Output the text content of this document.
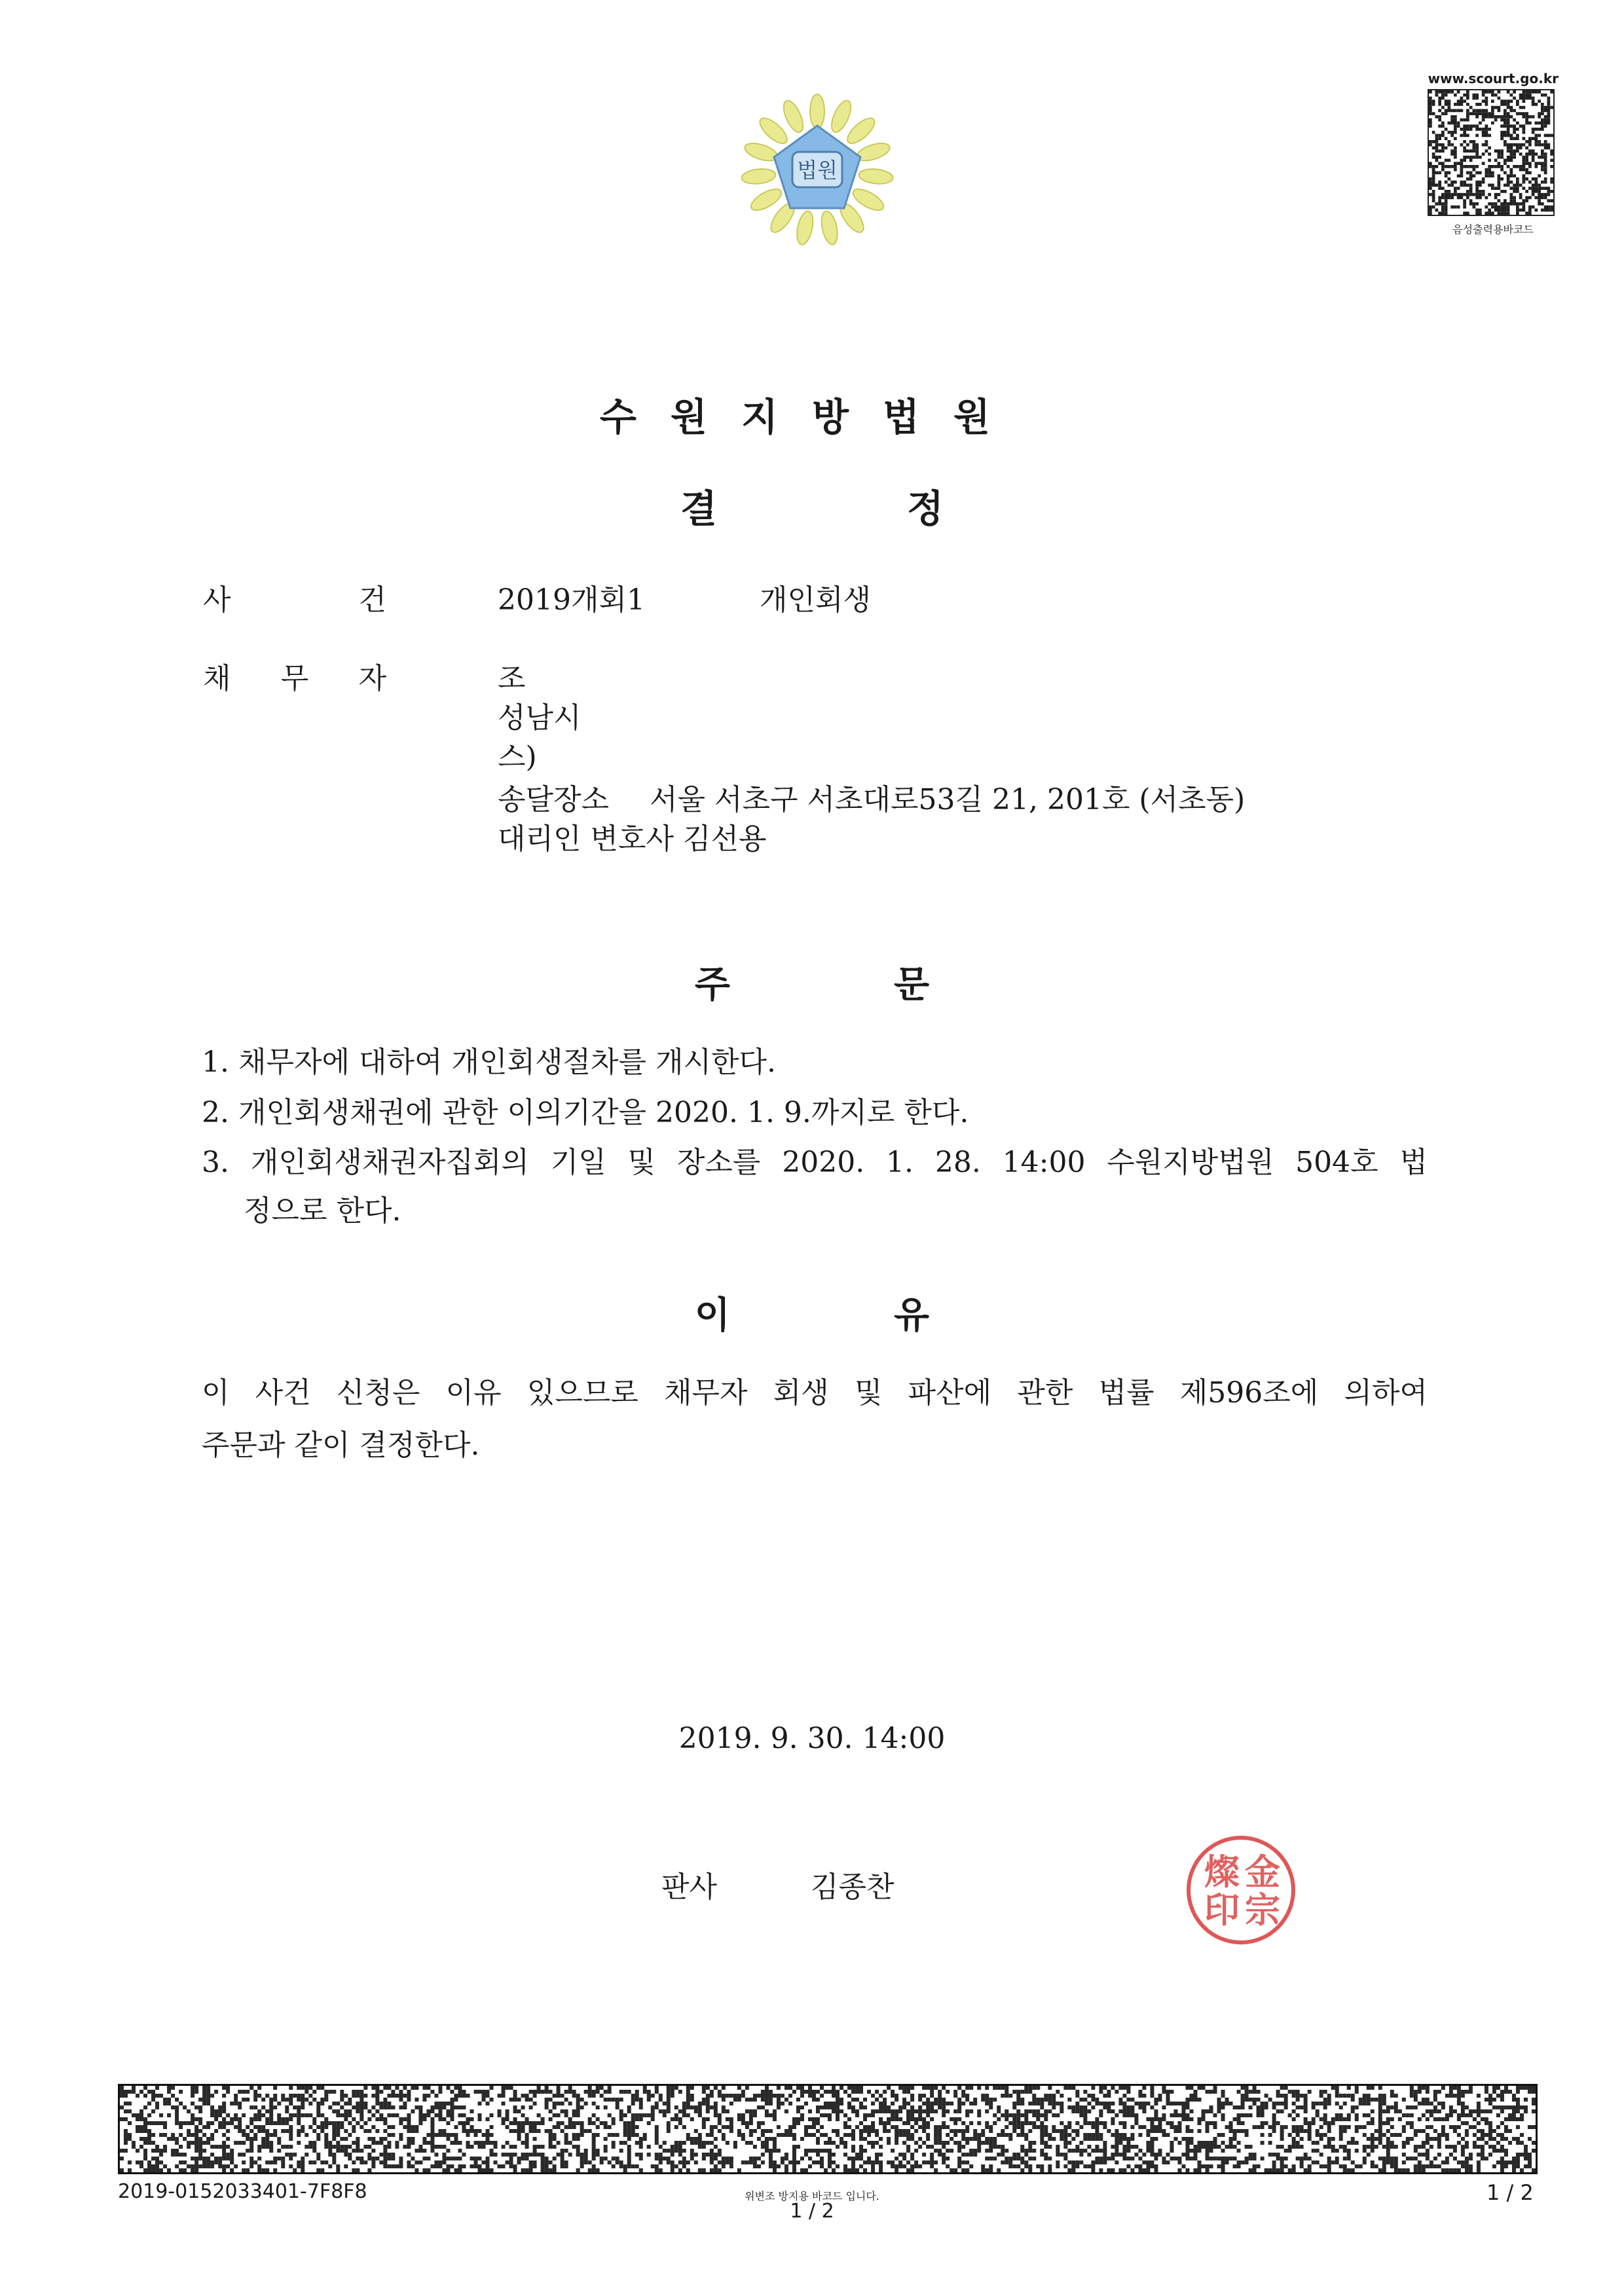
법원
www.scourt.go.kr
음성출력용바코드
수원지방법원
결정
사	건	2019개회1	개인회생
채 무 자	조
성남시
스)
송달장소 서울 서초구 서초대로53길 21, 201호 (서초동)
대리인 변호사 김선용
주문
1. 채무자에 대하여 개인회생절차를 개시한다.
2. 개인회생채권에 관한 이의기간을 2020. 1. 9.까지로 한다.
3. 개인회생채권자집회의 기일 및 장소를 2020. 1. 28. 14:00 수원지방법원 504호 법
정으로 한다.
이유
이 사건 신청은 이유 있으므로 채무자 회생 및 파산에 관한 법률 제596조에 의하여
주문과 같이 결정한다.
2019. 9. 30. 14:00
판사	김종찬	金
宗
燦
印
2019-0152033401-7F8F8	위변조 방지용 바코드 입니다.
1 / 2
1 / 2
